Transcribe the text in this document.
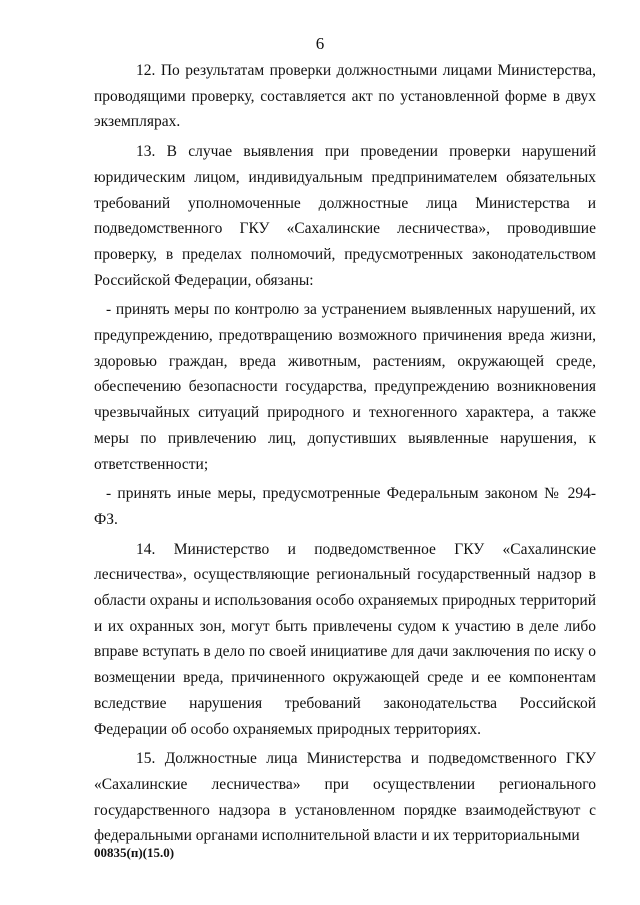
6

12. По результатам проверки должностными лицами Министерства, проводящими проверку, составляется акт по установленной форме в двух экземплярах.

13. В случае выявления при проведении проверки нарушений юридическим лицом, индивидуальным предпринимателем обязательных требований уполномоченные должностные лица Министерства и подведомственного ГКУ «Сахалинские лесничества», проводившие проверку, в пределах полномочий, предусмотренных законодательством Российской Федерации, обязаны:

- принять меры по контролю за устранением выявленных нарушений, их предупреждению, предотвращению возможного причинения вреда жизни, здоровью граждан, вреда животным, растениям, окружающей среде, обеспечению безопасности государства, предупреждению возникновения чрезвычайных ситуаций природного и техногенного характера, а также меры по привлечению лиц, допустивших выявленные нарушения, к ответственности;

- принять иные меры, предусмотренные Федеральным законом № 294-ФЗ.

14. Министерство и подведомственное ГКУ «Сахалинские лесничества», осуществляющие региональный государственный надзор в области охраны и использования особо охраняемых природных территорий и их охранных зон, могут быть привлечены судом к участию в деле либо вправе вступать в дело по своей инициативе для дачи заключения по иску о возмещении вреда, причиненного окружающей среде и ее компонентам вследствие нарушения требований законодательства Российской Федерации об особо охраняемых природных территориях.

15. Должностные лица Министерства и подведомственного ГКУ «Сахалинские лесничества» при осуществлении регионального государственного надзора в установленном порядке взаимодействуют с федеральными органами исполнительной власти и их территориальными

00835(п)(15.0)
